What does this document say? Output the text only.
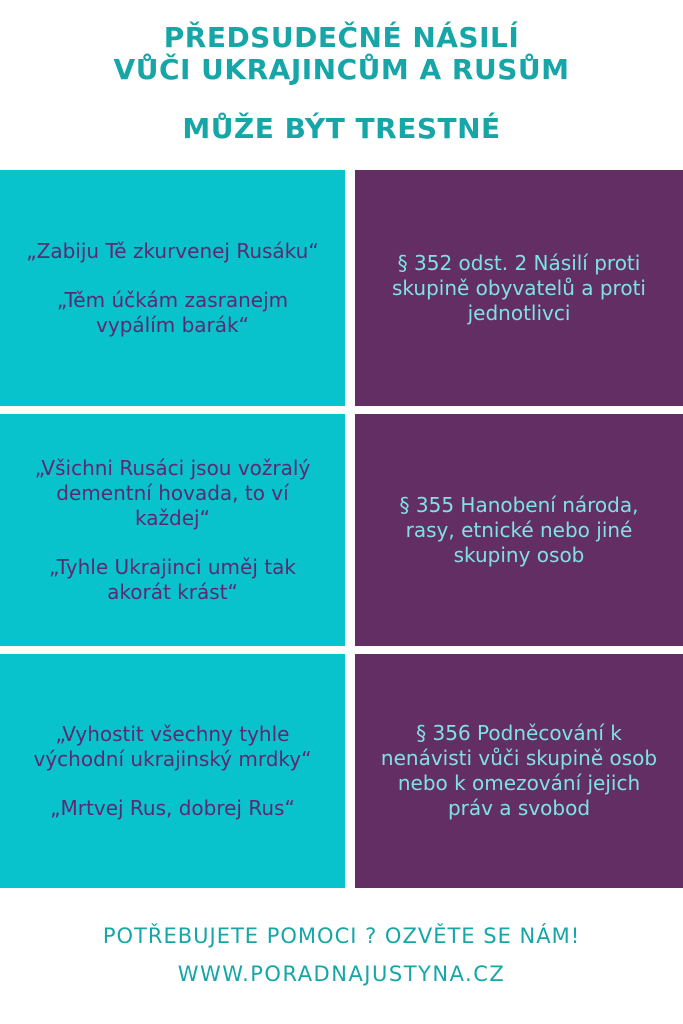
PŘEDSUDEČNÉ NÁSILÍ
VŮČI UKRAJINCŮM A RUSŮM
MŮŽE BÝT TRESTNÉ
„Zabiju Tě zkurvenej Rusáku“
„Těm účkám zasranejm vypálím barák“
§ 352 odst. 2 Násilí proti skupině obyvatelů a proti jednotlivci
„Všichni Rusáci jsou vožralý dementní hovada, to ví každej“
„Tyhle Ukrajinci uměj tak akorát krást“
§ 355 Hanobení národa, rasy, etnické nebo jiné skupiny osob
„Vyhostit všechny tyhle východní ukrajinský mrdky“
„Mrtvej Rus, dobrej Rus“
§ 356 Podněcování k nenávisti vůči skupině osob nebo k omezování jejich práv a svobod
POTŘEBUJETE POMOCI ? OZVĚTE SE NÁM!
WWW.PORADNAJUSTYNA.CZ
